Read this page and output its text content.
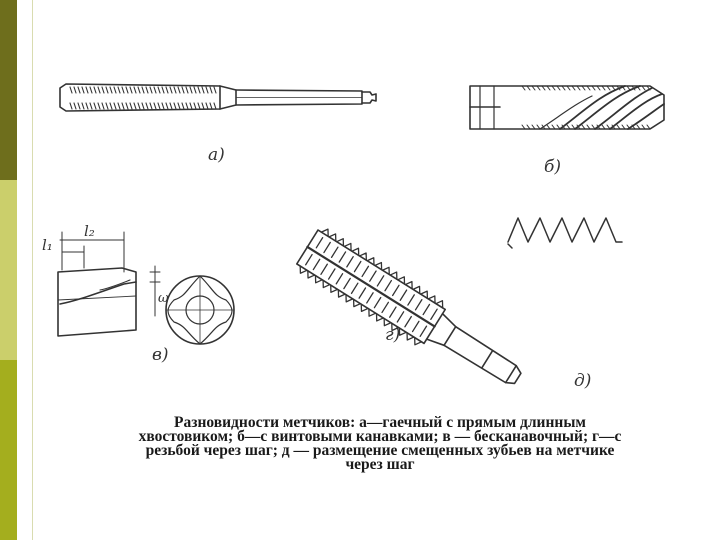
а)
б)
l₂
l₁
ω
в)
г)
д)

Разновидности метчиков: а—гаечный с прямым длинным
хвостовиком; б—с винтовыми канавками; в — бесканавочный; г—с
резьбой через шаг; д — размещение смещенных зубьев на метчике
через шаг
